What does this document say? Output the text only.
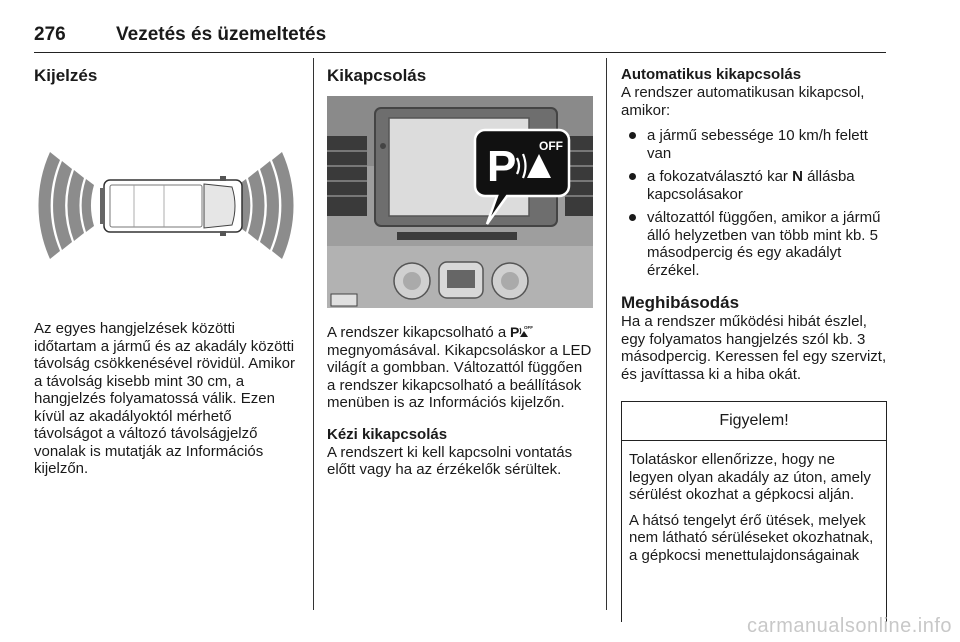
276	Vezetés és üzemeltetés
Kijelzés

Az egyes hangjelzések közötti időtartam a jármű és az akadály közötti távolság csökkenésével rövidül. Amikor a távolság kisebb mint 30 cm, a hangjelzés folyamatossá válik. Ezen kívül az akadályoktól mérhető távolságot a változó távolságjelző vonalak is mutatják az Információs kijelzőn.

Kikapcsolás
P OFF

A rendszer kikapcsolható a P OFF
megnyomásával. Kikapcsoláskor a LED világít a gombban. Változattól függően a rendszer kikapcsolható a beállítások menüben is az Információs kijelzőn.

Kézi kikapcsolás

A rendszert ki kell kapcsolni vontatás előtt vagy ha az érzékelők sérültek.

Automatikus kikapcsolás

A rendszer automatikusan kikapcsol, amikor:

a jármű sebessége 10 km/h felett van
a fokozatválasztó kar N állásba kapcsolásakor
változattól függően, amikor a jármű álló helyzetben van több mint kb. 5 másodpercig és egy akadályt érzékel.
Meghibásodás

Ha a rendszer működési hibát észlel, egy folyamatos hangjelzés szól kb. 3 másodpercig. Keressen fel egy szervizt, és javíttassa ki a hiba okát.

Figyelem!

Tolatáskor ellenőrizze, hogy ne legyen olyan akadály az úton, amely sérülést okozhat a gépkocsi alján.

A hátsó tengelyt érő ütések, melyek nem látható sérüléseket okozhatnak, a gépkocsi menettulajdonságainak

carmanualsonline.info
